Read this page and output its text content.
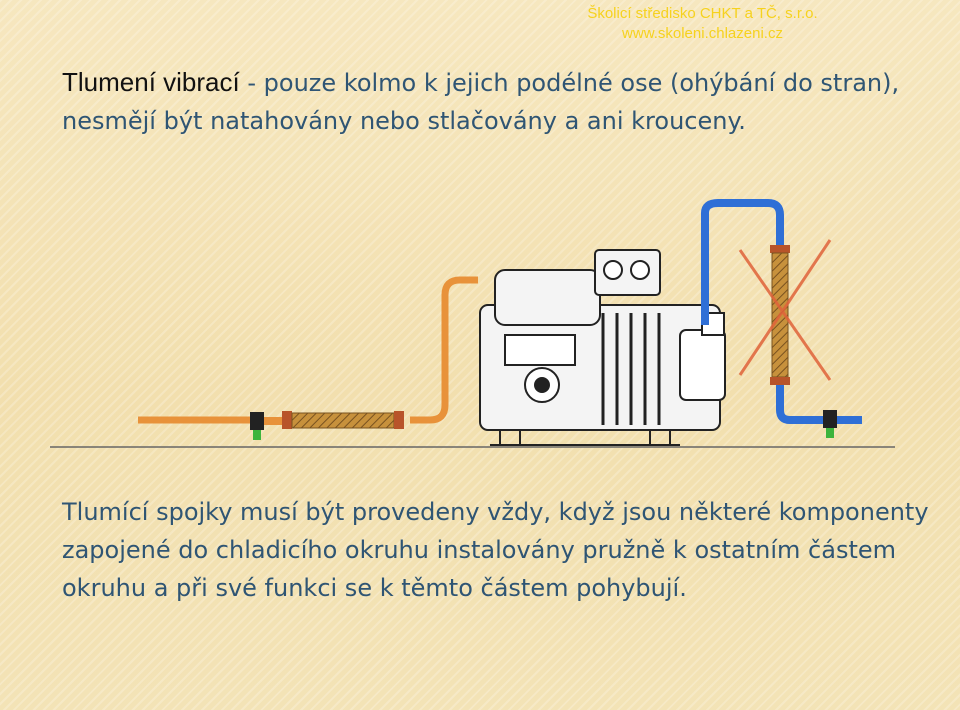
Školicí středisko CHKT a TČ, s.r.o.
www.skoleni.chlazeni.cz
Tlumení vibrací - pouze kolmo k jejich podélné ose (ohýbání do stran), nesmějí být natahovány nebo stlačovány a ani krouceny.
Tlumící spojky musí být provedeny vždy, když jsou některé komponenty zapojené do chladicího okruhu instalovány pružně k ostatním částem okruhu a při své funkci se k těmto částem pohybují.
